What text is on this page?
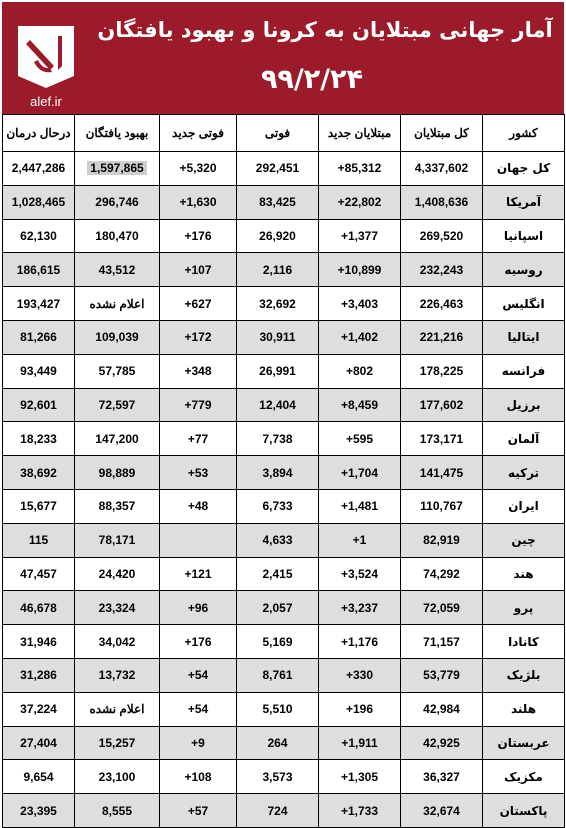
آمار جهانی مبتلایان به کرونا و بهبود یافتگان
۹۹/۲/۲۴
alef.ir
کشور	کل مبتلایان	مبتلایان جدید	فوتی	فوتی جدید	بهبود یافتگان	درحال درمان
کل جهان	4,337,602	+85,312	292,451	+5,320	1,597,865	2,447,286
آمریکا	1,408,636	+22,802	83,425	+1,630	296,746	1,028,465
اسپانیا	269,520	+1,377	26,920	+176	180,470	62,130
روسیه	232,243	+10,899	2,116	+107	43,512	186,615
انگلیس	226,463	+3,403	32,692	+627	اعلام نشده	193,427
ایتالیا	221,216	+1,402	30,911	+172	109,039	81,266
فرانسه	178,225	+802	26,991	+348	57,785	93,449
برزیل	177,602	+8,459	12,404	+779	72,597	92,601
آلمان	173,171	+595	7,738	+77	147,200	18,233
ترکیه	141,475	+1,704	3,894	+53	98,889	38,692
ایران	110,767	+1,481	6,733	+48	88,357	15,677
چین	82,919	+1	4,633		78,171	115
هند	74,292	+3,524	2,415	+121	24,420	47,457
پرو	72,059	+3,237	2,057	+96	23,324	46,678
کانادا	71,157	+1,176	5,169	+176	34,042	31,946
بلژیک	53,779	+330	8,761	+54	13,732	31,286
هلند	42,984	+196	5,510	+54	اعلام نشده	37,224
عربستان	42,925	+1,911	264	+9	15,257	27,404
مکزیک	36,327	+1,305	3,573	+108	23,100	9,654
پاکستان	32,674	+1,733	724	+57	8,555	23,395
